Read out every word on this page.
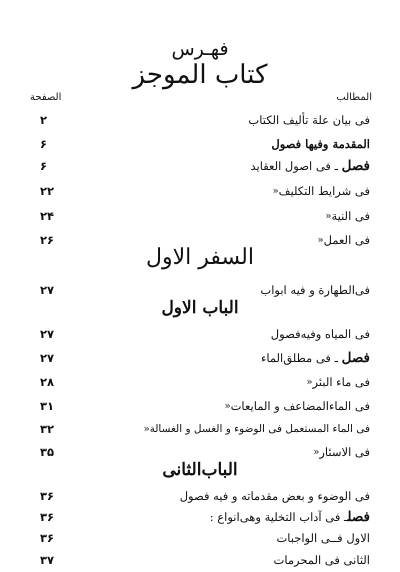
فهـرس
كتاب الموجز
المطالب
الصفحة
۲	فی بیان علة تألیف الکتاب
۶	المقدمة وفیها فصول
۶	فصل ـ فی اصول العقاید
۲۲	فی شرایط التکلیف
«
۲۴	فی النیة
«
۲۶	فی العمل
«
السفر الاول
۲۷	فی‌الطهارة و فیه ابواب
الباب الاول
۲۷	فی المیاه وفیه‌فصول
۲۷	فصل ـ فی مطلق‌الماء
۲۸	فی ماء البئر
«
۳۱	فی الماءالمضاعف و المایعات
«
۳۲	فی الماء المستعمل فی الوضوء و الغسل و الغسالة
«
۳۵	فی الاسئار
«
الباب‌الثانی
۳۶	فی الوضوء و بعض مقدماته و فیه فصول
۳۶	فصلـ فی آداب التخلیة وهی‌انواع :
۳۶	الاول فــی الواجبات
۳۷	الثانی فی المحرمات
